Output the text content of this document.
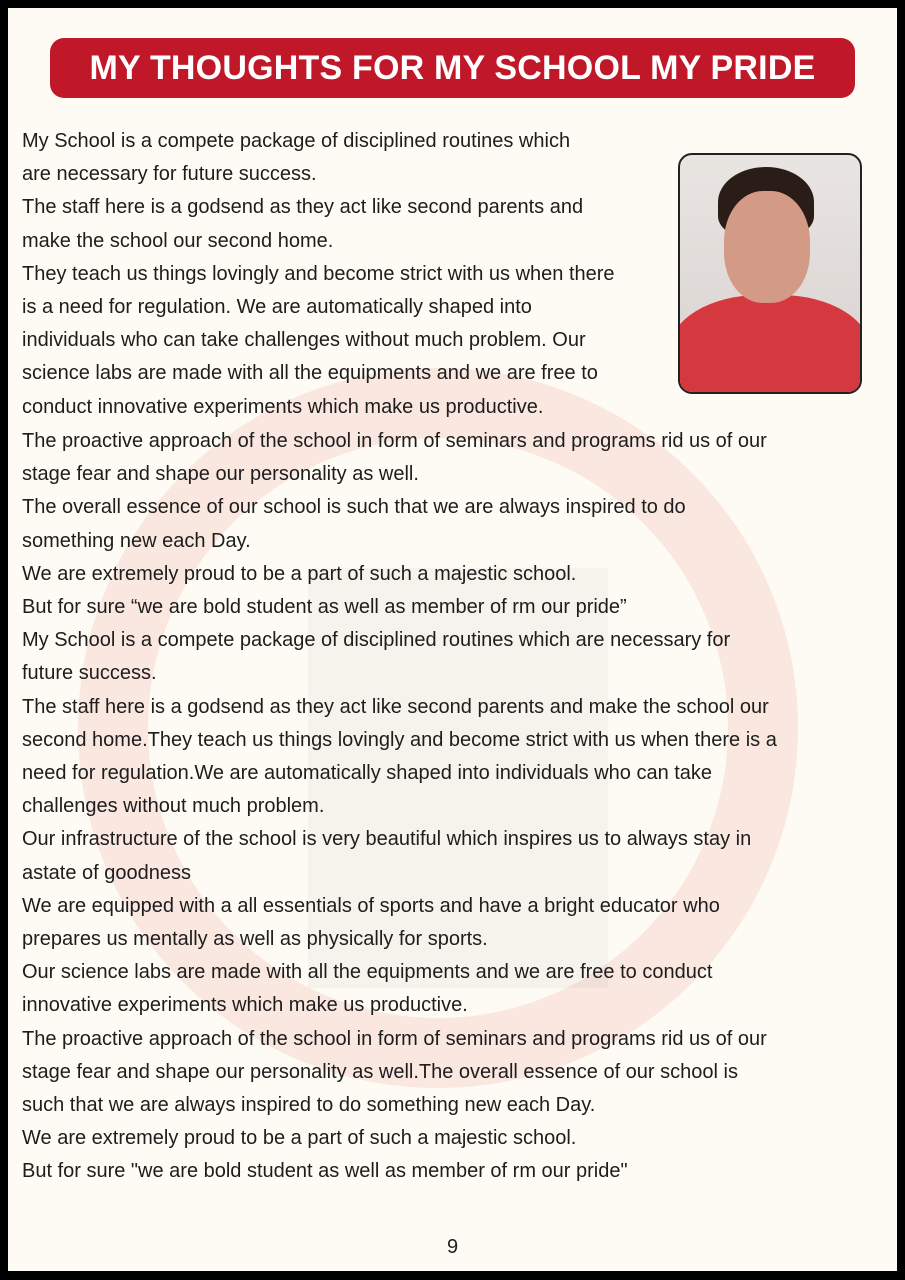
MY THOUGHTS FOR MY SCHOOL MY PRIDE
My School is a compete package of disciplined routines which
are necessary for future success.
The staff here is a godsend as they act like second parents and
make the school our second home.
They teach us things lovingly and become strict with us when there
is a need for regulation. We are automatically shaped into
individuals who can take challenges without much problem. Our
science labs are made with all the equipments and we are free to
conduct innovative experiments which make us productive.
The proactive approach of the school in form of seminars and programs rid us of our
stage fear and shape our personality as well.
The overall essence of our school is such that we are always inspired to do
something new each Day.
We are extremely proud to be a part of such a majestic school.
But for sure “we are bold student as well as member of rm our pride”
My School is a compete package of disciplined routines which are necessary for
future success.
The staff here is a godsend as they act like second parents and make the school our
second home.They teach us things lovingly and become strict with us when there is a
need for regulation.We are automatically shaped into individuals who can take
challenges without much problem.
Our infrastructure of the school is very beautiful which inspires us to always stay in
astate of goodness
We are equipped with a all essentials of sports and have a bright educator who
prepares us mentally as well as physically for sports.
Our science labs are made with all the equipments and we are free to conduct
innovative experiments which make us productive.
The proactive approach of the school in form of seminars and programs rid us of our
stage fear and shape our personality as well.The overall essence of our school is
such that we are always inspired to do something new each Day.
We are extremely proud to be a part of such a majestic school.
But for sure "we are bold student as well as member of rm our pride"
9
